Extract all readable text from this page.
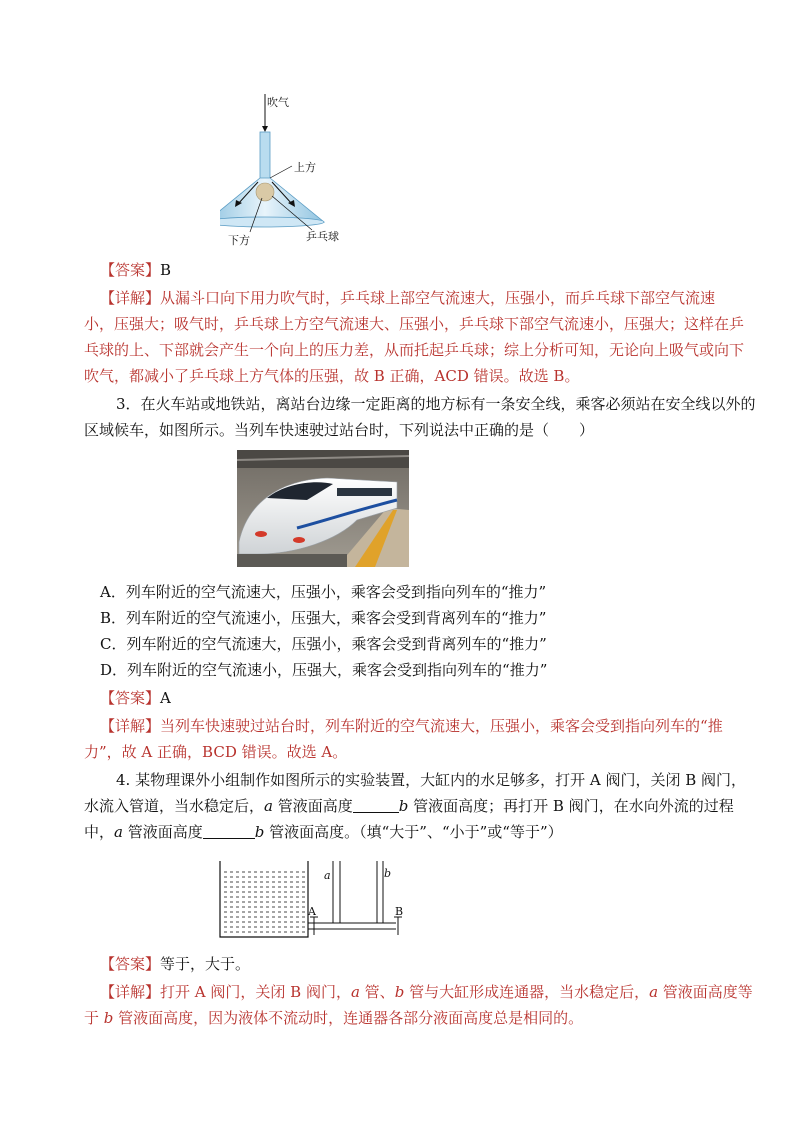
吹气
上方
下方	乒乓球
【答案】B
【详解】从漏斗口向下用力吹气时，乒乓球上部空气流速大，压强小，而乒乓球下部空气流速
小，压强大；吸气时，乒乓球上方空气流速大、压强小，乒乓球下部空气流速小，压强大；这样在乒
乓球的上、下部就会产生一个向上的压力差，从而托起乒乓球；综上分析可知，无论向上吸气或向下
吹气，都减小了乒乓球上方气体的压强，故 B 正确，ACD 错误。故选 B。
3．在火车站或地铁站，离站台边缘一定距离的地方标有一条安全线，乘客必须站在安全线以外的
区域候车，如图所示。当列车快速驶过站台时，下列说法中正确的是（　　）
A．列车附近的空气流速大，压强小，乘客会受到指向列车的“推力”
B．列车附近的空气流速小，压强大，乘客会受到背离列车的“推力”
C．列车附近的空气流速大，压强小，乘客会受到背离列车的“推力”
D．列车附近的空气流速小，压强大，乘客会受到指向列车的“推力”
【答案】A
【详解】当列车快速驶过站台时，列车附近的空气流速大，压强小，乘客会受到指向列车的“推
力”，故 A 正确，BCD 错误。故选 A。
4. 某物理课外小组制作如图所示的实验装置，大缸内的水足够多，打开 A 阀门，关闭 B 阀门，
水流入管道，当水稳定后，a 管液面高度	b 管液面高度；再打开 B 阀门，在水向外流的过程
中，a 管液面高度	b 管液面高度。（填“大于”、“小于”或“等于”）
a	b
A	B
【答案】等于，大于。
【详解】打开 A 阀门，关闭 B 阀门，a 管、b 管与大缸形成连通器，当水稳定后，a 管液面高度等
于 b 管液面高度，因为液体不流动时，连通器各部分液面高度总是相同的。
